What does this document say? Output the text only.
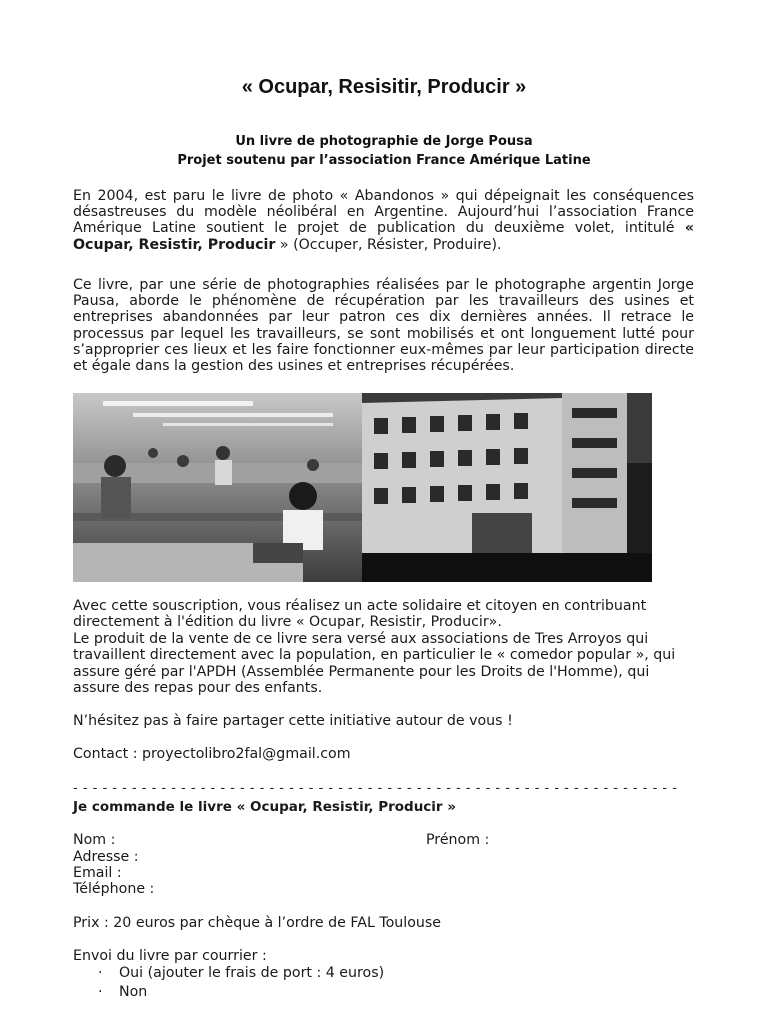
« Ocupar, Resisitir, Producir »
Un livre de photographie de Jorge Pousa
Projet soutenu par l’association France Amérique Latine

En 2004, est paru le livre de photo « Abandonos » qui dépeignait les conséquences désastreuses du modèle néolibéral en Argentine. Aujourd’hui l’association France Amérique Latine soutient le projet de publication du deuxième volet, intitulé « Ocupar, Resistir, Producir » (Occuper, Résister, Produire).

Ce livre, par une série de photographies réalisées par le photographe argentin Jorge Pausa, aborde le phénomène de récupération par les travailleurs des usines et entreprises abandonnées par leur patron ces dix dernières années. Il retrace le processus par lequel les travailleurs, se sont mobilisés et ont longuement lutté pour s’approprier ces lieux et les faire fonctionner eux-mêmes par leur participation directe et égale dans la gestion des usines et entreprises récupérées.

Avec cette souscription, vous réalisez un acte solidaire et citoyen en contribuant
directement à l'édition du livre « Ocupar, Resistir, Producir».
Le produit de la vente de ce livre sera versé aux associations de Tres Arroyos qui
travaillent directement avec la population, en particulier le « comedor popular », qui
assure géré par l'APDH (Assemblée Permanente pour les Droits de l'Homme), qui
assure des repas pour des enfants.
N’hésitez pas à faire partager cette initiative autour de vous !
Contact : proyectolibro2fal@gmail.com
- - - - - - - - - - - - - - - - - - - - - - - - - - - - - - - - - - - - - - - - - - - - - - - - - - - - - - - - - - - - - -
Je commande le livre « Ocupar, Resistir, Producir »
Nom :	Prénom :
Adresse :
Email :
Téléphone :
Prix : 20 euros par chèque à l’ordre de FAL Toulouse
Envoi du livre par courrier :
· Oui (ajouter le frais de port : 4 euros)
· Non
